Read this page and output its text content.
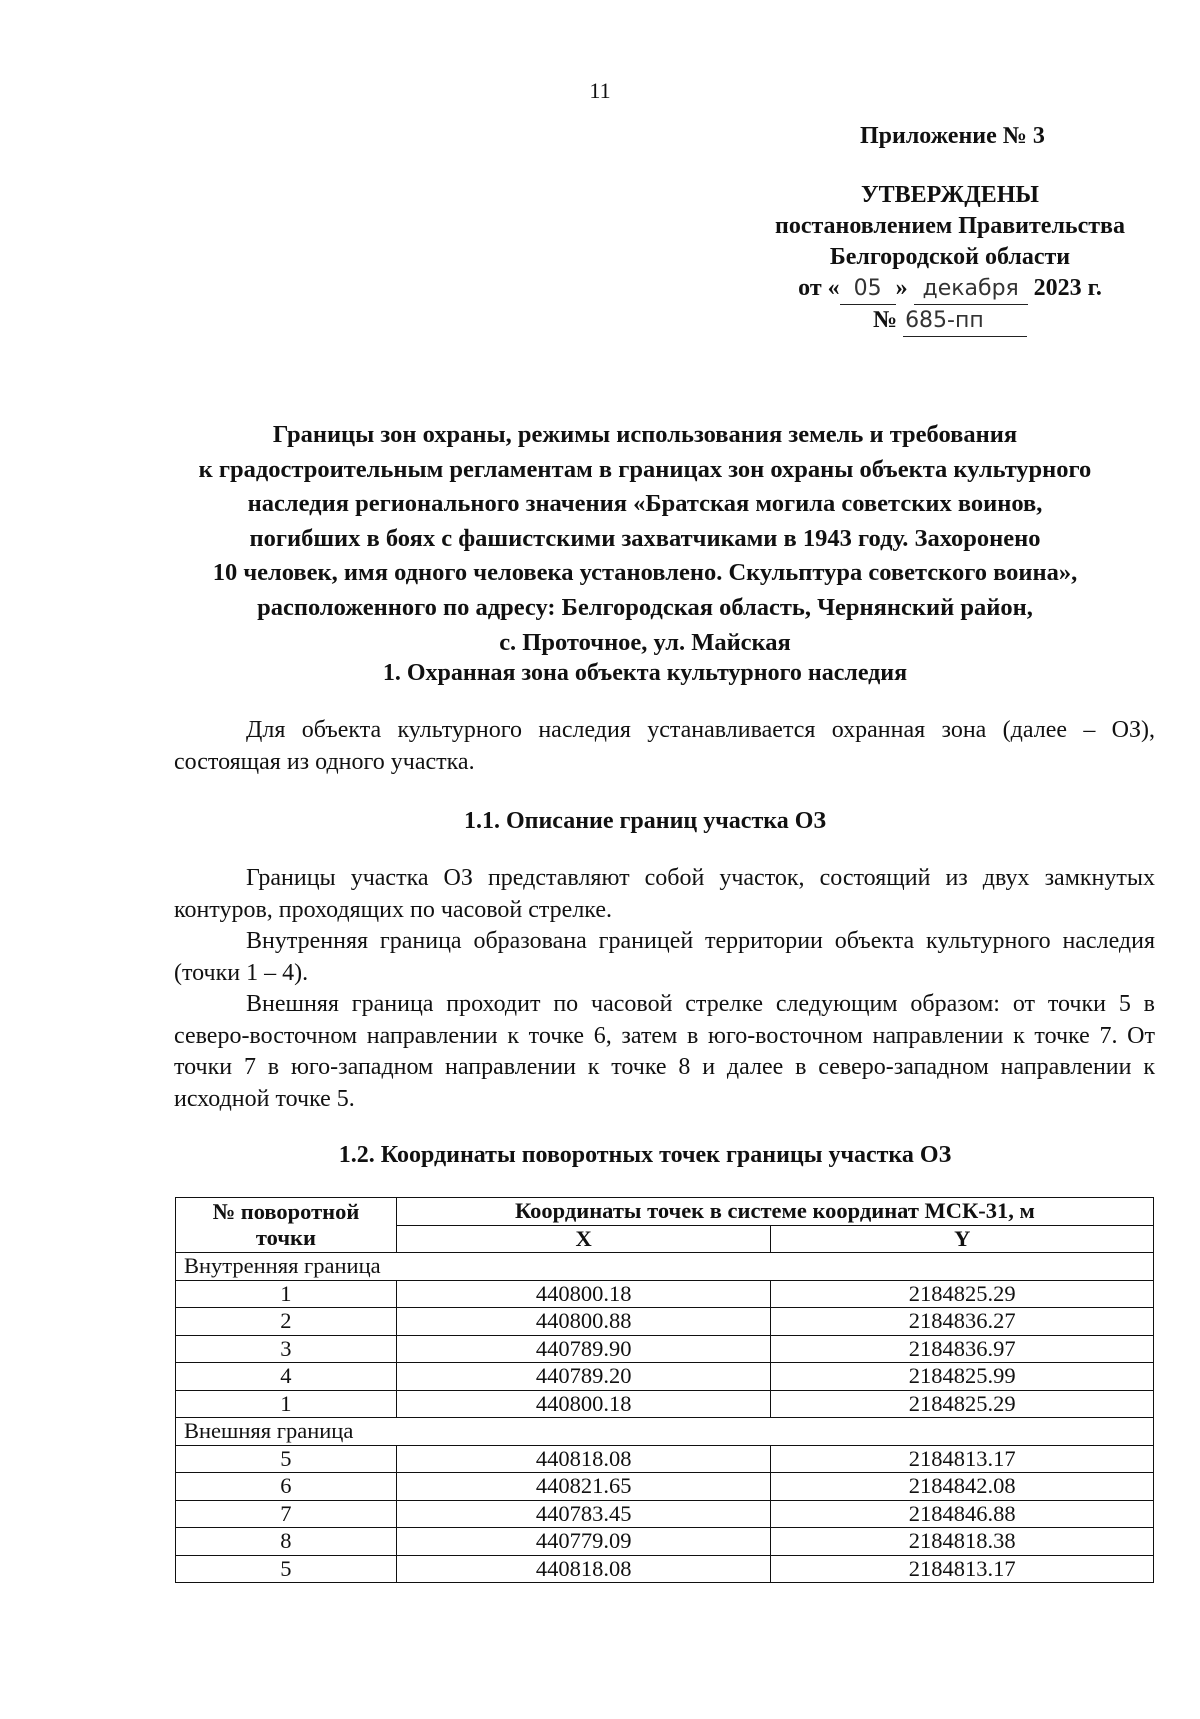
11
Приложение № 3
УТВЕРЖДЕНЫ
постановлением Правительства
Белгородской области
от « 05 » декабря 2023 г.
№ 685-пп
Границы зон охраны, режимы использования земель и требования
к градостроительным регламентам в границах зон охраны объекта культурного
наследия регионального значения «Братская могила советских воинов,
погибших в боях с фашистскими захватчиками в 1943 году. Захоронено
10 человек, имя одного человека установлено. Скульптура советского воина»,
расположенного по адресу: Белгородская область, Чернянский район,
с. Проточное, ул. Майская
1. Охранная зона объекта культурного наследия

Для объекта культурного наследия устанавливается охранная зона (далее – ОЗ), состоящая из одного участка.

1.1. Описание границ участка ОЗ

Границы участка ОЗ представляют собой участок, состоящий из двух замкнутых контуров, проходящих по часовой стрелке.

Внутренняя граница образована границей территории объекта культурного наследия (точки 1 – 4).

Внешняя граница проходит по часовой стрелке следующим образом: от точки 5 в северо-восточном направлении к точке 6, затем в юго-восточном направлении к точке 7. От точки 7 в юго-западном направлении к точке 8 и далее в северо-западном направлении к исходной точке 5.

1.2. Координаты поворотных точек границы участка ОЗ
№ поворотной точки	Координаты точек в системе координат МСК-31, м	
	X	Y
Внутренняя граница		
1	440800.18	2184825.29
2	440800.88	2184836.27
3	440789.90	2184836.97
4	440789.20	2184825.99
1	440800.18	2184825.29
Внешняя граница		
5	440818.08	2184813.17
6	440821.65	2184842.08
7	440783.45	2184846.88
8	440779.09	2184818.38
5	440818.08	2184813.17
